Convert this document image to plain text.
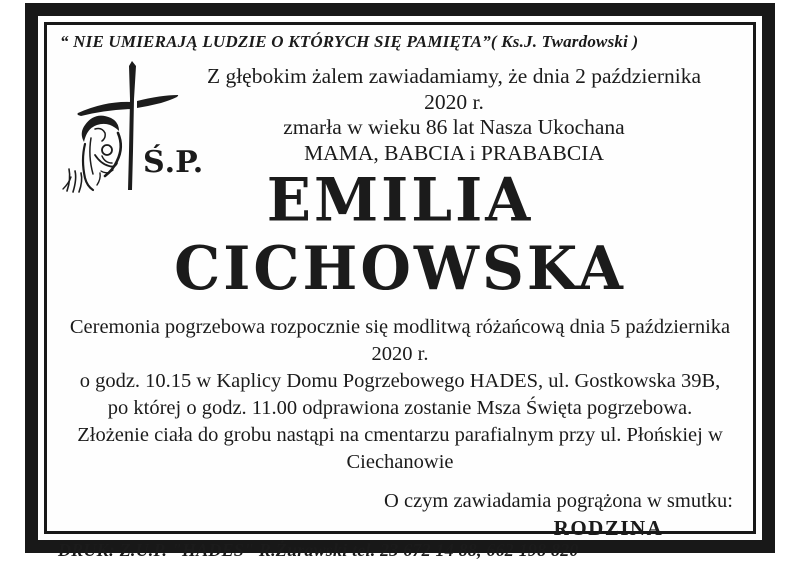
“ NIE UMIERAJĄ LUDZIE O KTÓRYCH SIĘ PAMIĘTA”( Ks.J. Twardowski )
Ś.P.
Z głębokim żalem zawiadamiamy, że dnia 2 października 2020 r.
zmarła w wieku 86 lat Nasza Ukochana
MAMA, BABCIA i PRABABCIA
EMILIA
CICHOWSKA
Ceremonia pogrzebowa rozpocznie się modlitwą różańcową dnia 5 października 2020 r.
o godz. 10.15 w Kaplicy Domu Pogrzebowego HADES, ul. Gostkowska 39B,
po której o godz. 11.00 odprawiona zostanie Msza Święta pogrzebowa.
Złożenie ciała do grobu nastąpi na cmentarzu parafialnym przy ul. Płońskiej w Ciechanowie
O czym zawiadamia pogrążona w smutku:
RODZINA
DRUK: Z.U.P. "HADES" R.Żurawski tel. 23 672 14 88, 662 198 820
